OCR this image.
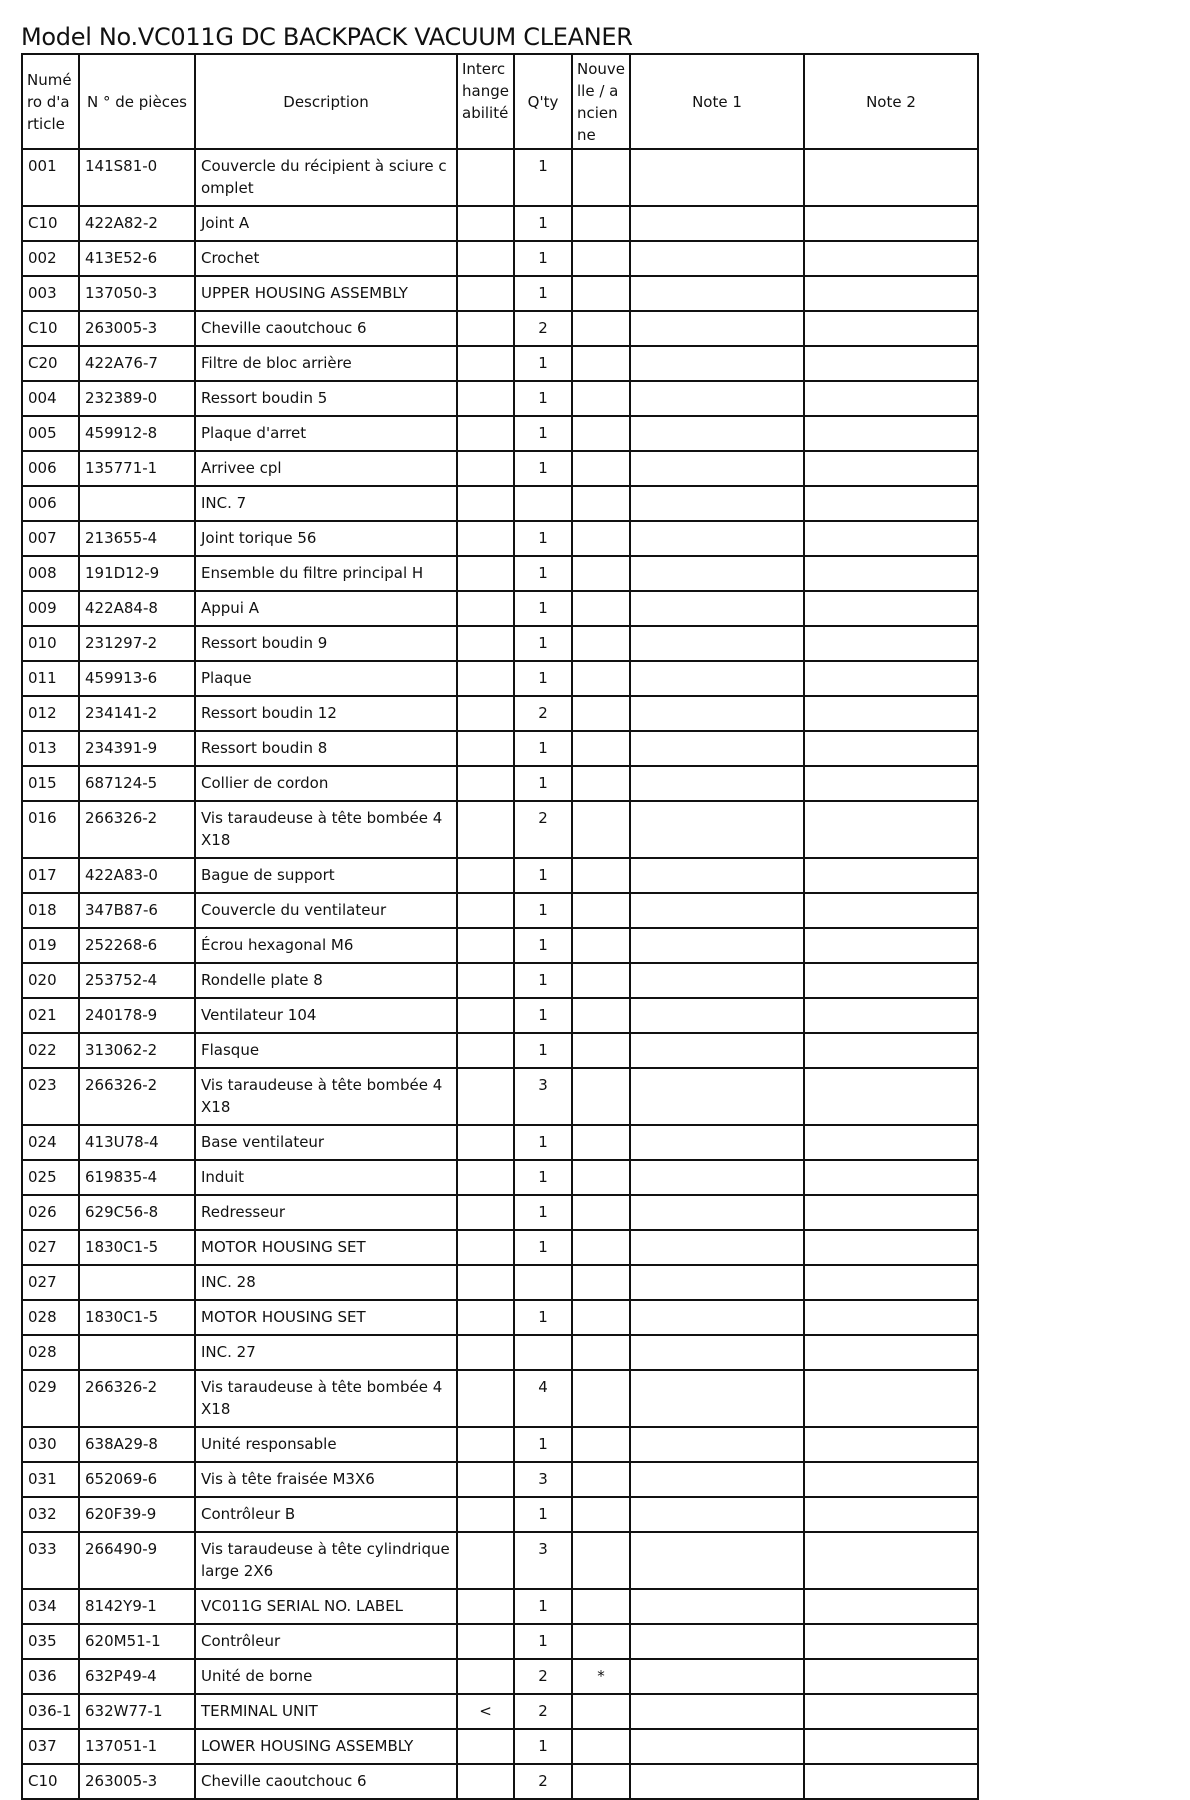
Model No.VC011G DC BACKPACK VACUUM CLEANER
Numéro d'article	N ° de pièces	Description	Interchangeabilité	Q'ty	Nouvelle / ancienne	Note 1	Note 2
001	141S81-0	Couvercle du récipient à sciure complet		1			
C10	422A82-2	Joint A		1			
002	413E52-6	Crochet		1			
003	137050-3	UPPER HOUSING ASSEMBLY		1			
C10	263005-3	Cheville caoutchouc 6		2			
C20	422A76-7	Filtre de bloc arrière		1			
004	232389-0	Ressort boudin 5		1			
005	459912-8	Plaque d'arret		1			
006	135771-1	Arrivee cpl		1			
006		INC. 7					
007	213655-4	Joint torique 56		1			
008	191D12-9	Ensemble du filtre principal H		1			
009	422A84-8	Appui A		1			
010	231297-2	Ressort boudin 9		1			
011	459913-6	Plaque		1			
012	234141-2	Ressort boudin 12		2			
013	234391-9	Ressort boudin 8		1			
015	687124-5	Collier de cordon		1			
016	266326-2	Vis taraudeuse à tête bombée 4X18		2			
017	422A83-0	Bague de support		1			
018	347B87-6	Couvercle du ventilateur		1			
019	252268-6	Écrou hexagonal M6		1			
020	253752-4	Rondelle plate 8		1			
021	240178-9	Ventilateur 104		1			
022	313062-2	Flasque		1			
023	266326-2	Vis taraudeuse à tête bombée 4X18		3			
024	413U78-4	Base ventilateur		1			
025	619835-4	Induit		1			
026	629C56-8	Redresseur		1			
027	1830C1-5	MOTOR HOUSING SET		1			
027		INC. 28					
028	1830C1-5	MOTOR HOUSING SET		1			
028		INC. 27					
029	266326-2	Vis taraudeuse à tête bombée 4X18		4			
030	638A29-8	Unité responsable		1			
031	652069-6	Vis à tête fraisée M3X6		3			
032	620F39-9	Contrôleur B		1			
033	266490-9	Vis taraudeuse à tête cylindrique large 2X6		3			
034	8142Y9-1	VC011G SERIAL NO. LABEL		1			
035	620M51-1	Contrôleur		1			
036	632P49-4	Unité de borne		2	*		
036-1	632W77-1	TERMINAL UNIT	<	2			
037	137051-1	LOWER HOUSING ASSEMBLY		1			
C10	263005-3	Cheville caoutchouc 6		2			
